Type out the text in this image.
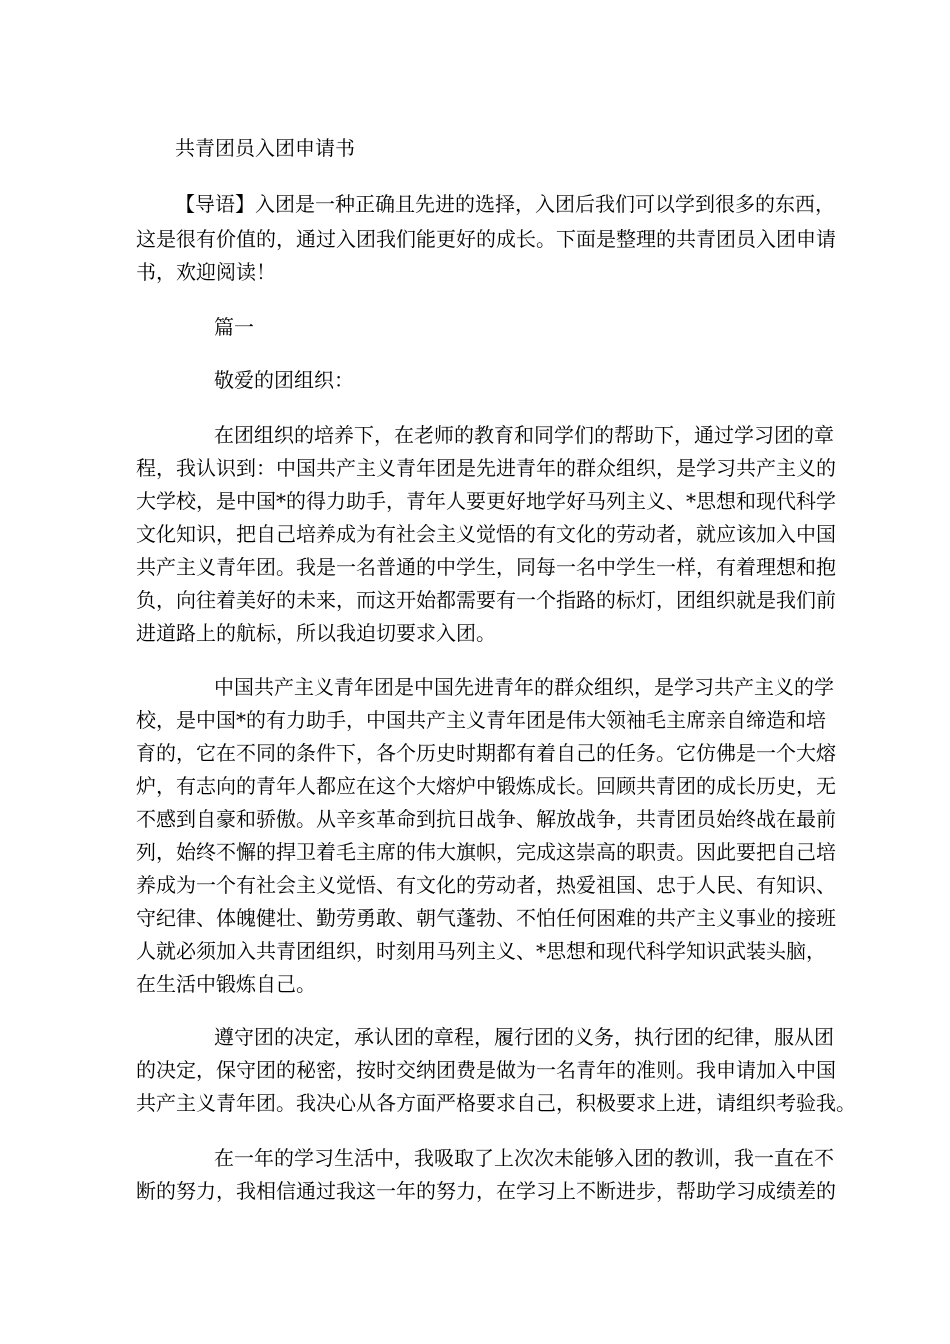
共青团员入团申请书
【导语】入团是一种正确且先进的选择，入团后我们可以学到很多的东西，
这是很有价值的，通过入团我们能更好的成长。下面是整理的共青团员入团申请
书，欢迎阅读！
篇一
敬爱的团组织：
在团组织的培养下，在老师的教育和同学们的帮助下，通过学习团的章
程，我认识到：中国共产主义青年团是先进青年的群众组织，是学习共产主义的
大学校，是中国*的得力助手，青年人要更好地学好马列主义、*思想和现代科学
文化知识，把自己培养成为有社会主义觉悟的有文化的劳动者，就应该加入中国
共产主义青年团。我是一名普通的中学生，同每一名中学生一样，有着理想和抱
负，向往着美好的未来，而这开始都需要有一个指路的标灯，团组织就是我们前
进道路上的航标，所以我迫切要求入团。
中国共产主义青年团是中国先进青年的群众组织，是学习共产主义的学
校，是中国*的有力助手，中国共产主义青年团是伟大领袖毛主席亲自缔造和培
育的，它在不同的条件下，各个历史时期都有着自己的任务。它仿佛是一个大熔
炉，有志向的青年人都应在这个大熔炉中锻炼成长。回顾共青团的成长历史，无
不感到自豪和骄傲。从辛亥革命到抗日战争、解放战争，共青团员始终战在最前
列，始终不懈的捍卫着毛主席的伟大旗帜，完成这崇高的职责。因此要把自己培
养成为一个有社会主义觉悟、有文化的劳动者，热爱祖国、忠于人民、有知识、
守纪律、体魄健壮、勤劳勇敢、朝气蓬勃、不怕任何困难的共产主义事业的接班
人就必须加入共青团组织，时刻用马列主义、*思想和现代科学知识武装头脑，
在生活中锻炼自己。
遵守团的决定，承认团的章程，履行团的义务，执行团的纪律，服从团
的决定，保守团的秘密，按时交纳团费是做为一名青年的准则。我申请加入中国
共产主义青年团。我决心从各方面严格要求自己，积极要求上进，请组织考验我。
在一年的学习生活中，我吸取了上次次未能够入团的教训，我一直在不
断的努力，我相信通过我这一年的努力，在学习上不断进步，帮助学习成绩差的
